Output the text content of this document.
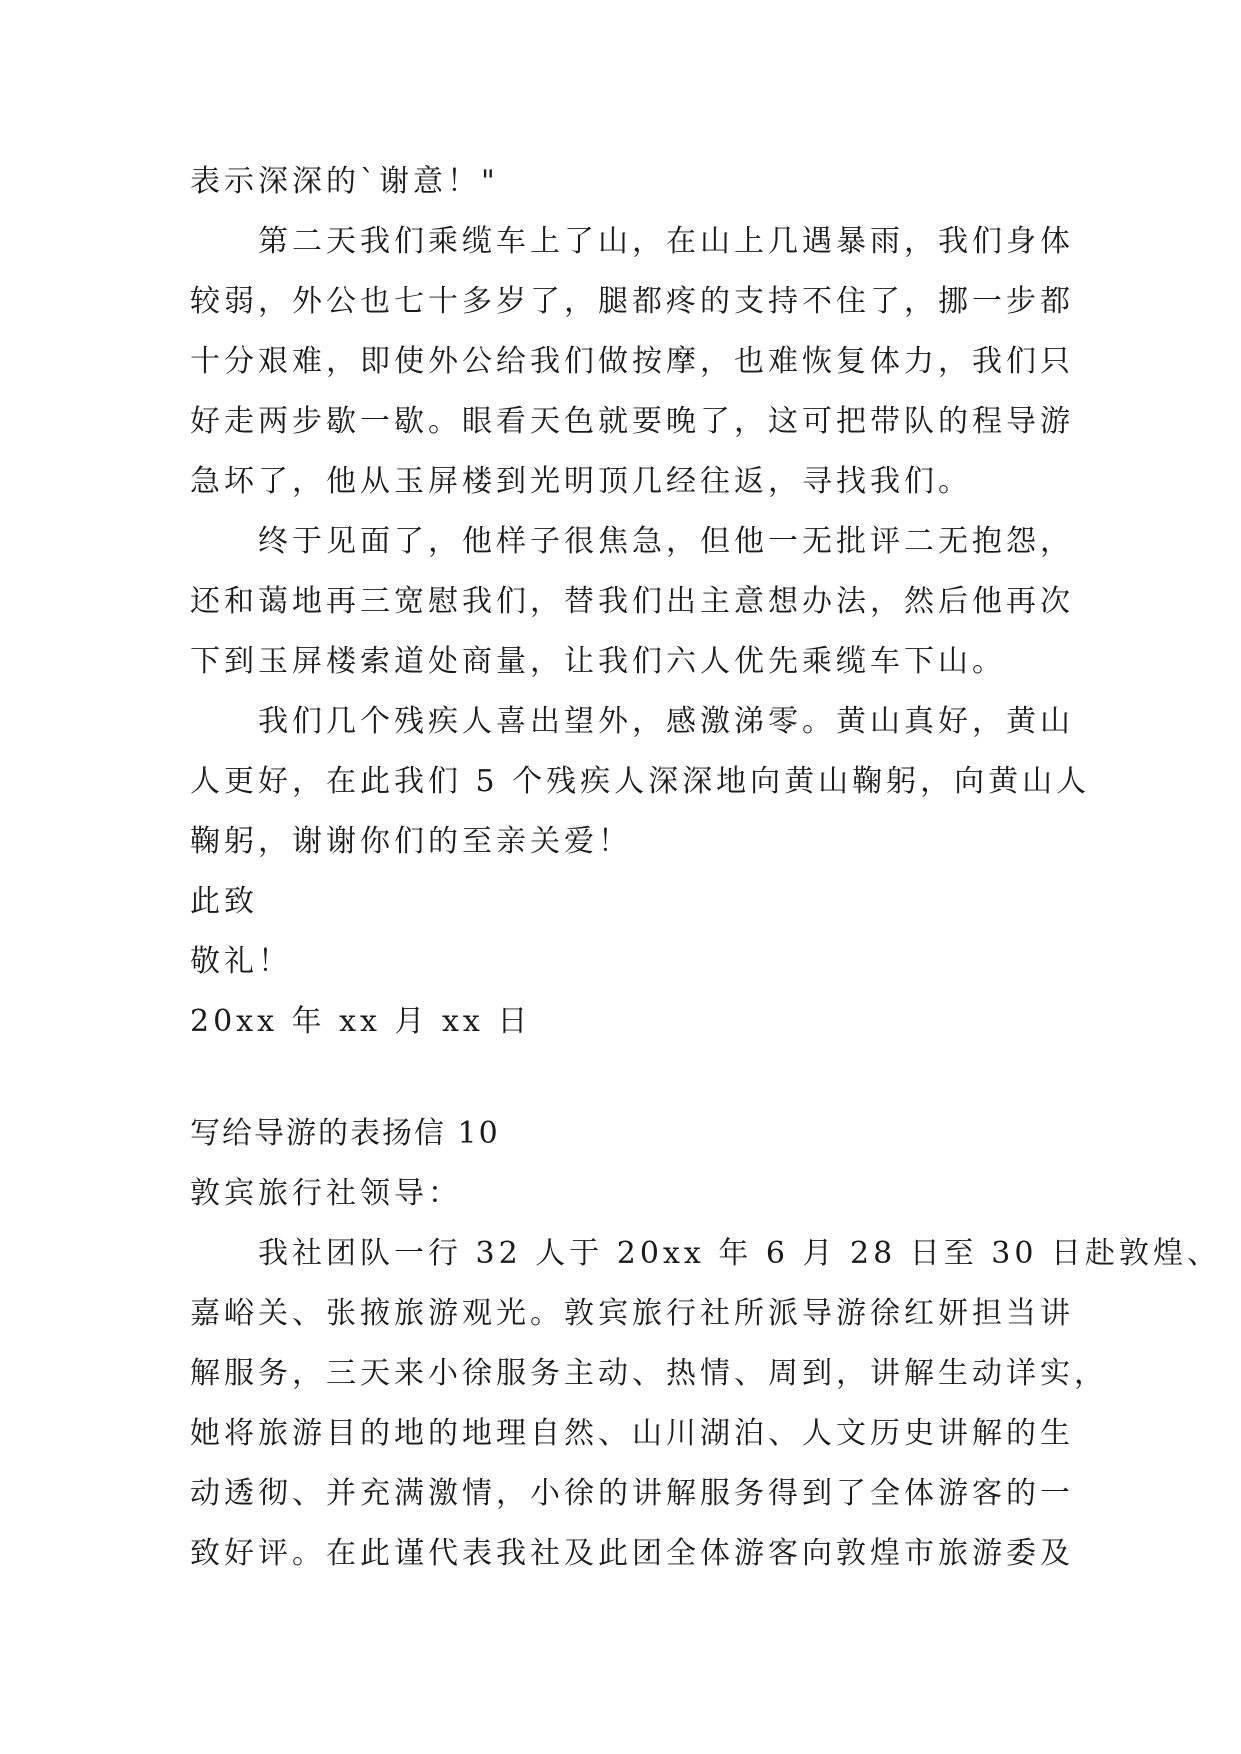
表示深深的`谢意！"
第二天我们乘缆车上了山，在山上几遇暴雨，我们身体
较弱，外公也七十多岁了，腿都疼的支持不住了，挪一步都
十分艰难，即使外公给我们做按摩，也难恢复体力，我们只
好走两步歇一歇。眼看天色就要晚了，这可把带队的程导游
急坏了，他从玉屏楼到光明顶几经往返，寻找我们。
终于见面了，他样子很焦急，但他一无批评二无抱怨，
还和蔼地再三宽慰我们，替我们出主意想办法，然后他再次
下到玉屏楼索道处商量，让我们六人优先乘缆车下山。
我们几个残疾人喜出望外，感激涕零。黄山真好，黄山
人更好，在此我们 5 个残疾人深深地向黄山鞠躬，向黄山人
鞠躬，谢谢你们的至亲关爱！
此致
敬礼！
20xx 年 xx 月 xx 日
写给导游的表扬信 10
敦宾旅行社领导：
我社团队一行 32 人于 20xx 年 6 月 28 日至 30 日赴敦煌、
嘉峪关、张掖旅游观光。敦宾旅行社所派导游徐红妍担当讲
解服务，三天来小徐服务主动、热情、周到，讲解生动详实，
她将旅游目的地的地理自然、山川湖泊、人文历史讲解的生
动透彻、并充满激情，小徐的讲解服务得到了全体游客的一
致好评。在此谨代表我社及此团全体游客向敦煌市旅游委及
